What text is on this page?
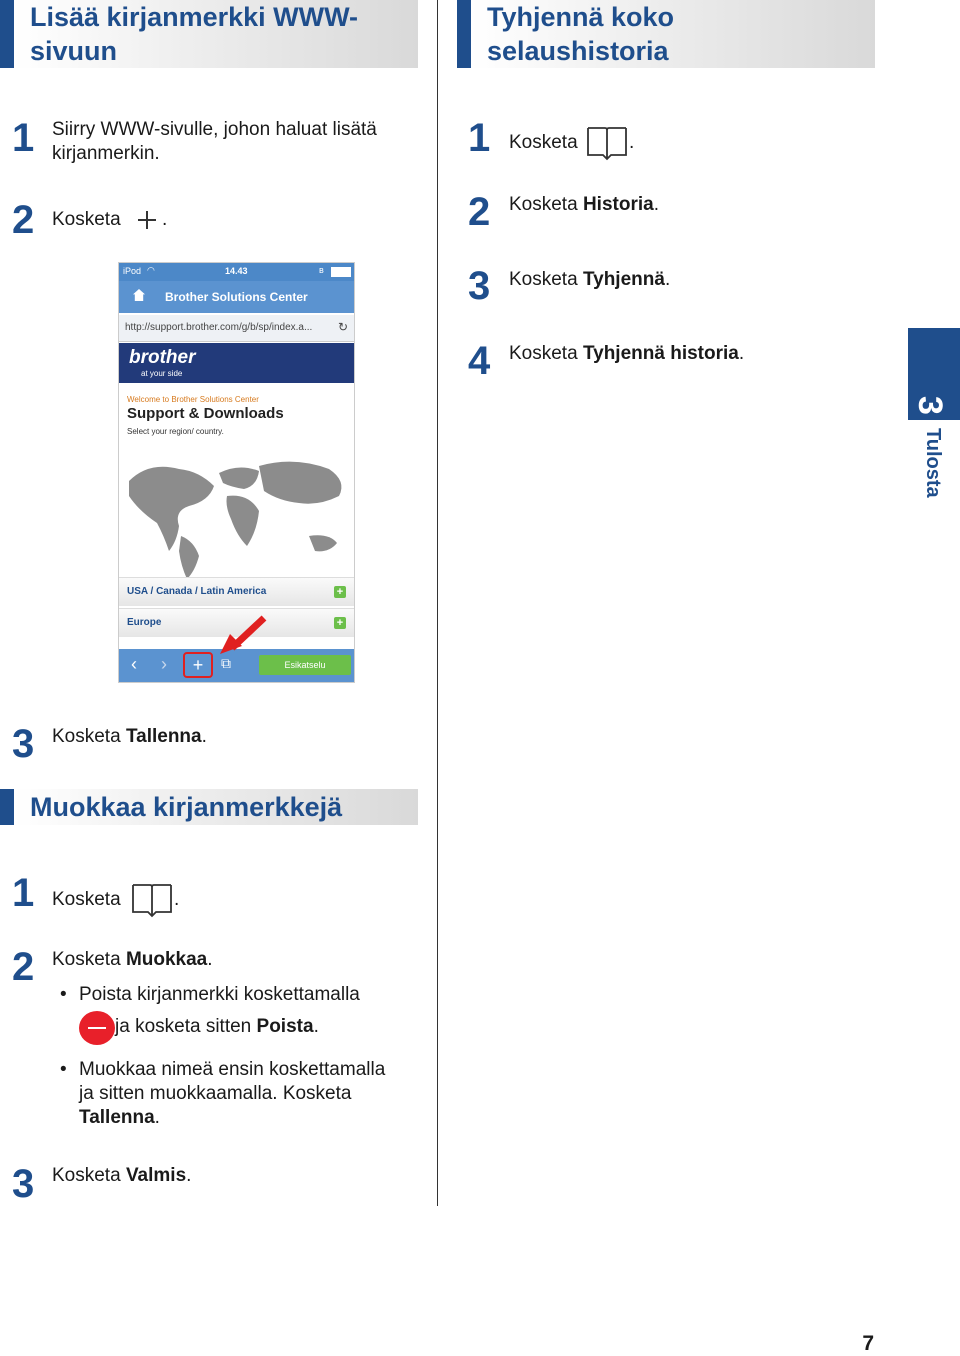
Lisää kirjanmerkki WWW-sivuun
1 Siirry WWW-sivulle, johon haluat lisätä kirjanmerkin.
2 Kosketa .
iPod ◠	14.43	ʙ
Brother Solutions Center
http://support.brother.com/g/b/sp/index.a... ↻
brother
at your side
Welcome to Brother Solutions Center
Support & Downloads
Select your region/ country.
USA / Canada / Latin America	+
Europe	+
‹ ›	+	⧉	Esikatselu
3 Kosketa Tallenna.
Muokkaa kirjanmerkkejä
1 Kosketa	.
2 Kosketa Muokkaa.
• Poista kirjanmerkki koskettamalla
ja kosketa sitten Poista.
• Muokkaa nimeä ensin koskettamalla
ja sitten muokkaamalla. Kosketa
Tallenna.
3 Kosketa Valmis.
Tyhjennä koko selaushistoria
1 Kosketa	.
2 Kosketa Historia.
3 Kosketa Tyhjennä.
4 Kosketa Tyhjennä historia.
3
Tulosta
7
